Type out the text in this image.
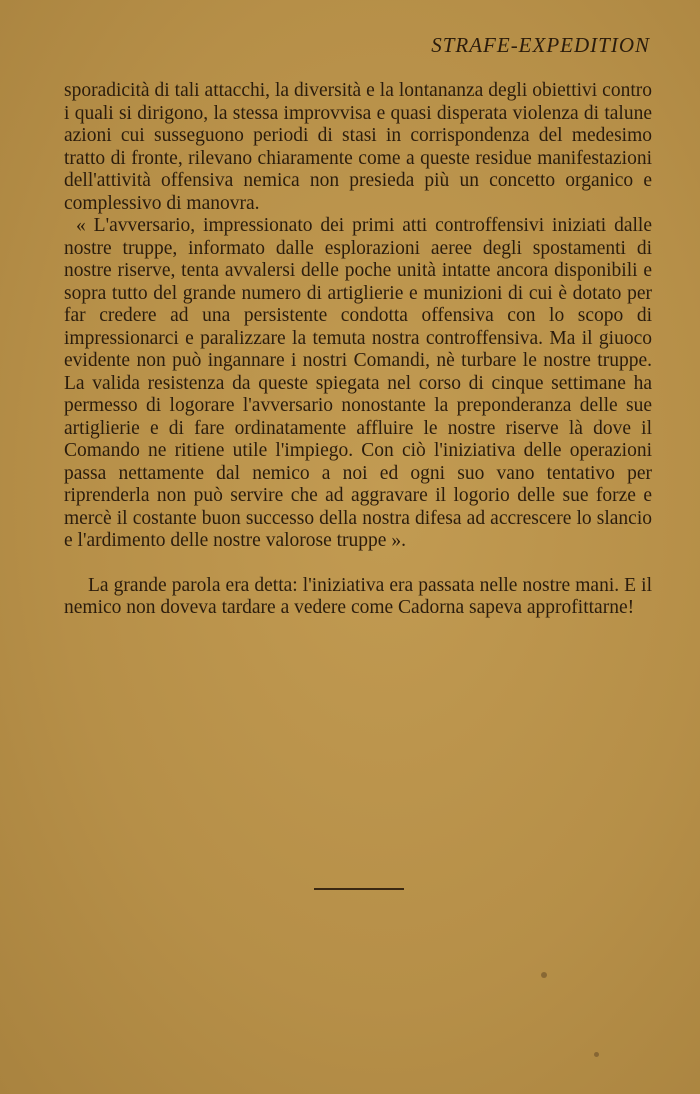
STRAFE-EXPEDITION

sporadicità di tali attacchi, la diversità e la lontananza degli obiettivi contro i quali si dirigono, la stessa improvvisa e quasi disperata violenza di talune azioni cui susseguono periodi di stasi in corrispondenza del medesimo tratto di fronte, rilevano chiaramente come a queste residue manifestazioni dell'attività offensiva nemica non presieda più un concetto organico e complessivo di manovra.

« L'avversario, impressionato dei primi atti controffensivi iniziati dalle nostre truppe, informato dalle esplorazioni aeree degli spostamenti di nostre riserve, tenta avvalersi delle poche unità intatte ancora disponibili e sopra tutto del grande numero di artiglierie e munizioni di cui è dotato per far credere ad una persistente condotta offensiva con lo scopo di impressionarci e paralizzare la temuta nostra controffensiva. Ma il giuoco evidente non può ingannare i nostri Comandi, nè turbare le nostre truppe. La valida resistenza da queste spiegata nel corso di cinque settimane ha permesso di logorare l'avversario nonostante la preponderanza delle sue artiglierie e di fare ordinatamente affluire le nostre riserve là dove il Comando ne ritiene utile l'impiego. Con ciò l'iniziativa delle operazioni passa nettamente dal nemico a noi ed ogni suo vano tentativo per riprenderla non può servire che ad aggravare il logorio delle sue forze e mercè il costante buon successo della nostra difesa ad accrescere lo slancio e l'ardimento delle nostre valorose truppe ».

La grande parola era detta: l'iniziativa era passata nelle nostre mani. E il nemico non doveva tardare a vedere come Cadorna sapeva approfittarne!
